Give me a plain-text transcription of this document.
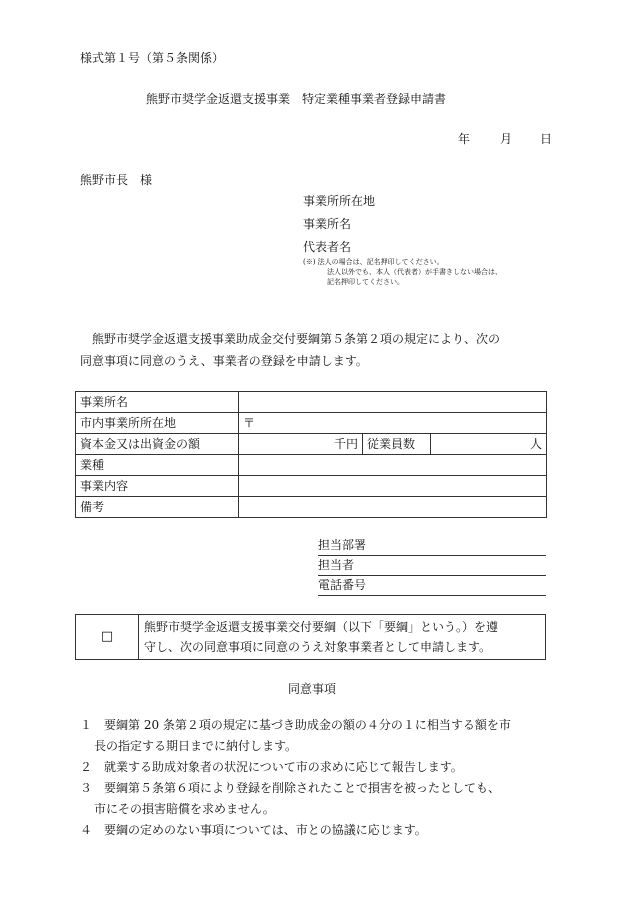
様式第１号（第５条関係）
熊野市奨学金返還支援事業　特定業種事業者登録申請書
年 月 日
熊野市長　様
事業所所在地
事業所名
代表者名
(※) 法人の場合は、記名押印してください。
法人以外でも、本人（代表者）が手書きしない場合は、
記名押印してください。
熊野市奨学金返還支援事業助成金交付要綱第５条第２項の規定により、次の
同意事項に同意のうえ、事業者の登録を申請します。
事業所名			
市内事業所所在地	〒		
資本金又は出資金の額	千円	従業員数	人
業種			
事業内容			
備考			
担当部署
担当者
電話番号
□	
熊野市奨学金返還支援事業交付要綱（以下「要綱」という。）を遵
守し、次の同意事項に同意のうえ対象事業者として申請します。
同意事項
１　要綱第 20 条第２項の規定に基づき助成金の額の４分の１に相当する額を市
長の指定する期日までに納付します。
２　就業する助成対象者の状況について市の求めに応じて報告します。
３　要綱第５条第６項により登録を削除されたことで損害を被ったとしても、
市にその損害賠償を求めません。
４　要綱の定めのない事項については、市との協議に応じます。
